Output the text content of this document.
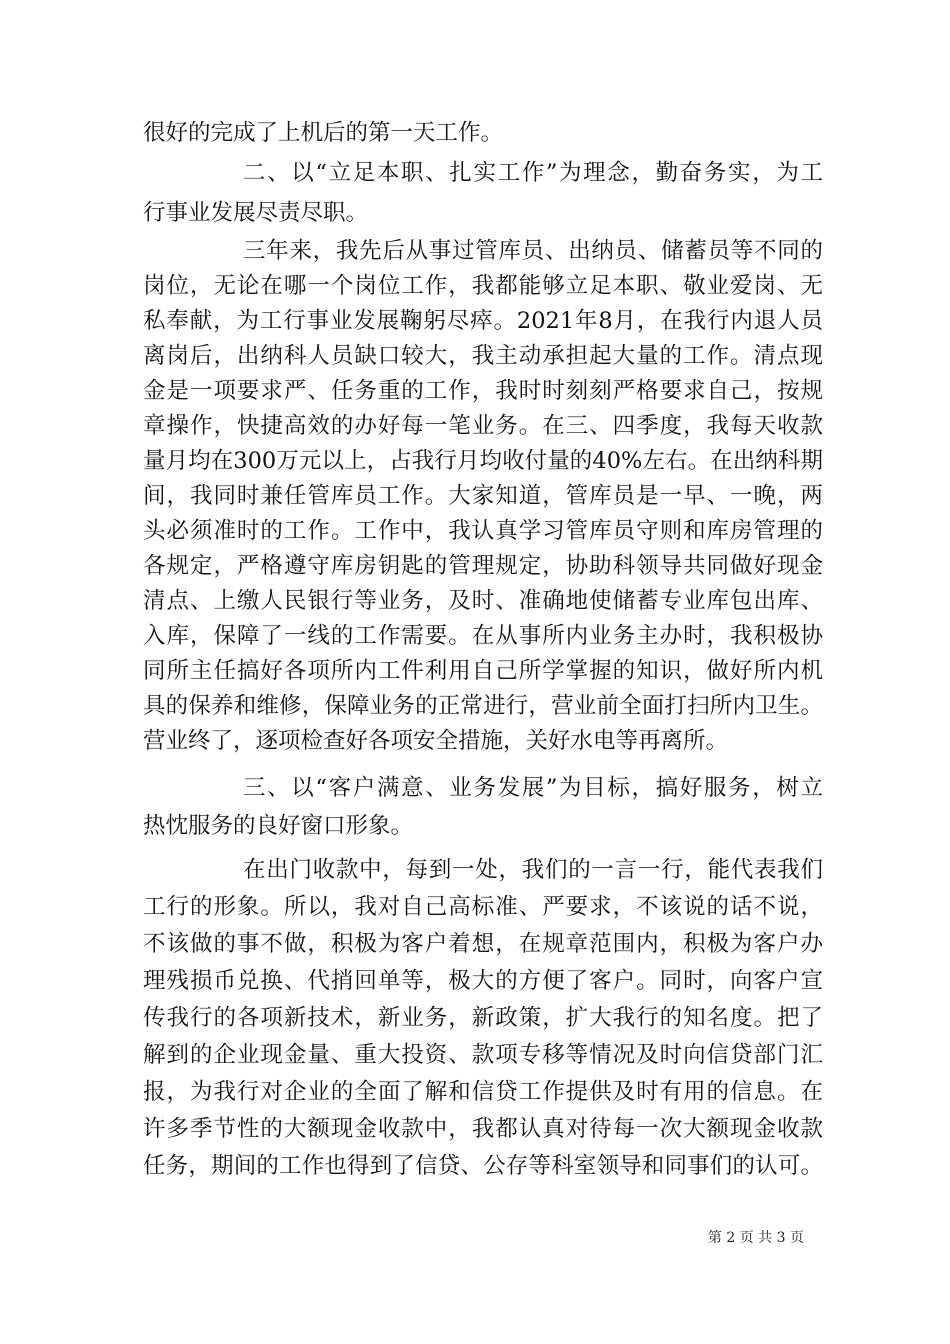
很好的完成了上机后的第一天工作。
二、以“立足本职、扎实工作”为理念，勤奋务实，为工
行事业发展尽责尽职。
三年来，我先后从事过管库员、出纳员、储蓄员等不同的
岗位，无论在哪一个岗位工作，我都能够立足本职、敬业爱岗、无
私奉献，为工行事业发展鞠躬尽瘁。2021年8月，在我行内退人员
离岗后，出纳科人员缺口较大，我主动承担起大量的工作。清点现
金是一项要求严、任务重的工作，我时时刻刻严格要求自己，按规
章操作，快捷高效的办好每一笔业务。在三、四季度，我每天收款
量月均在300万元以上，占我行月均收付量的40%左右。在出纳科期
间，我同时兼任管库员工作。大家知道，管库员是一早、一晚，两
头必须准时的工作。工作中，我认真学习管库员守则和库房管理的
各规定，严格遵守库房钥匙的管理规定，协助科领导共同做好现金
清点、上缴人民银行等业务，及时、准确地使储蓄专业库包出库、
入库，保障了一线的工作需要。在从事所内业务主办时，我积极协
同所主任搞好各项所内工件利用自己所学掌握的知识，做好所内机
具的保养和维修，保障业务的正常进行，营业前全面打扫所内卫生。
营业终了，逐项检查好各项安全措施，关好水电等再离所。
三、以“客户满意、业务发展”为目标，搞好服务，树立
热忱服务的良好窗口形象。
在出门收款中，每到一处，我们的一言一行，能代表我们
工行的形象。所以，我对自己高标准、严要求，不该说的话不说，
不该做的事不做，积极为客户着想，在规章范围内，积极为客户办
理残损币兑换、代捎回单等，极大的方便了客户。同时，向客户宣
传我行的各项新技术，新业务，新政策，扩大我行的知名度。把了
解到的企业现金量、重大投资、款项专移等情况及时向信贷部门汇
报，为我行对企业的全面了解和信贷工作提供及时有用的信息。在
许多季节性的大额现金收款中，我都认真对待每一次大额现金收款
任务，期间的工作也得到了信贷、公存等科室领导和同事们的认可。
第 2 页 共 3 页
